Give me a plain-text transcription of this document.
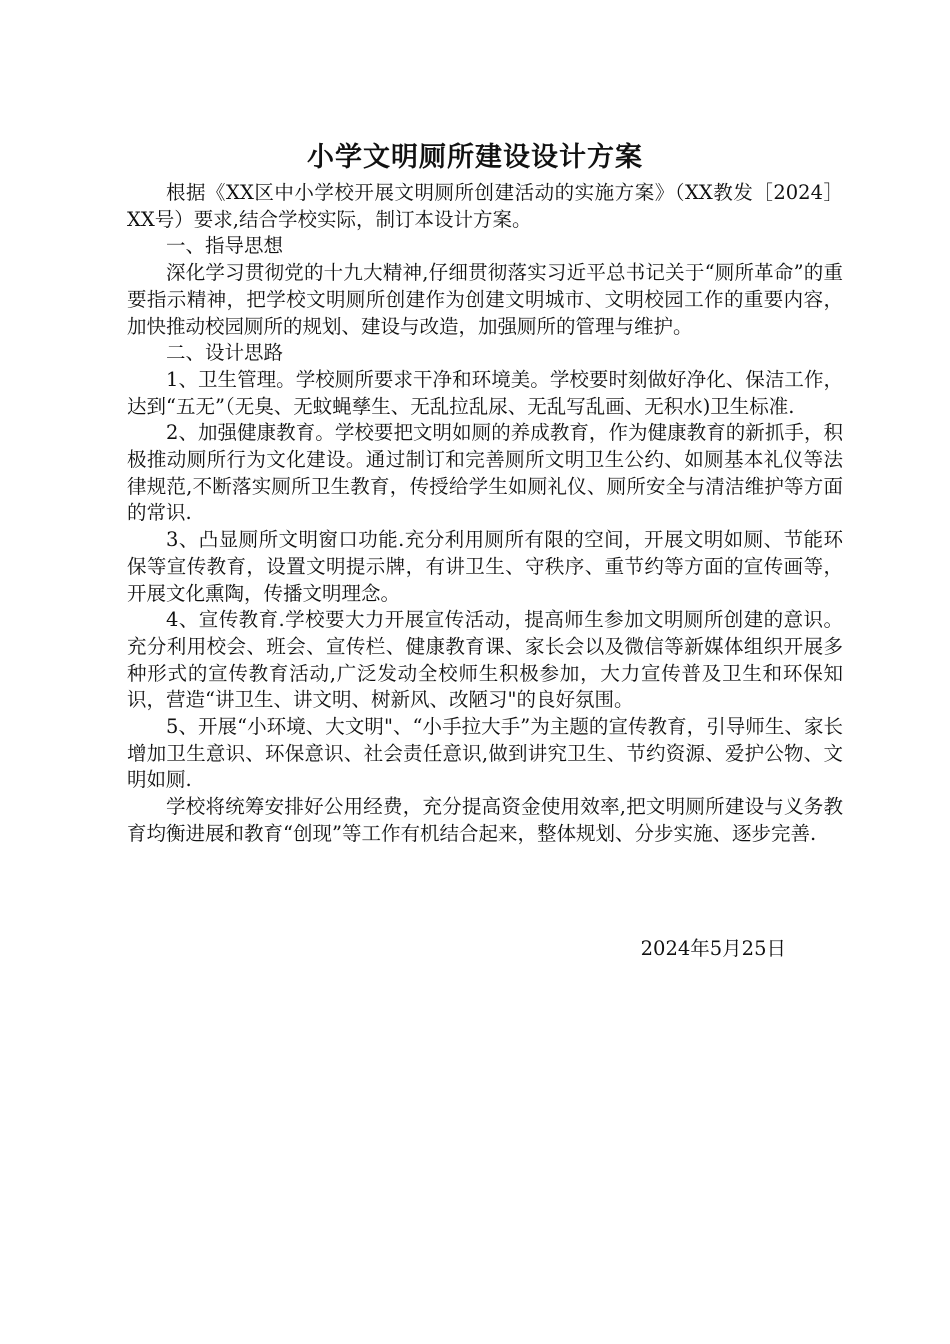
小学文明厕所建设设计方案

根据《XX区中小学校开展文明厕所创建活动的实施方案》（XX教发［2024］XX号）要求,结合学校实际，制订本设计方案。

一、指导思想

深化学习贯彻党的十九大精神,仔细贯彻落实习近平总书记关于“厕所革命”的重要指示精神，把学校文明厕所创建作为创建文明城市、文明校园工作的重要内容，加快推动校园厕所的规划、建设与改造，加强厕所的管理与维护。

二、设计思路

1、卫生管理。学校厕所要求干净和环境美。学校要时刻做好净化、保洁工作，达到“五无”（无臭、无蚊蝇孳生、无乱拉乱尿、无乱写乱画、无积水)卫生标准.

2、加强健康教育。学校要把文明如厕的养成教育，作为健康教育的新抓手，积极推动厕所行为文化建设。通过制订和完善厕所文明卫生公约、如厕基本礼仪等法律规范,不断落实厕所卫生教育，传授给学生如厕礼仪、厕所安全与清洁维护等方面的常识.

3、凸显厕所文明窗口功能.充分利用厕所有限的空间，开展文明如厕、节能环保等宣传教育，设置文明提示牌，有讲卫生、守秩序、重节约等方面的宣传画等，开展文化熏陶，传播文明理念。

4、宣传教育.学校要大力开展宣传活动，提高师生参加文明厕所创建的意识。充分利用校会、班会、宣传栏、健康教育课、家长会以及微信等新媒体组织开展多种形式的宣传教育活动,广泛发动全校师生积极参加，大力宣传普及卫生和环保知识，营造“讲卫生、讲文明、树新风、改陋习"的良好氛围。

5、开展“小环境、大文明"、“小手拉大手”为主题的宣传教育，引导师生、家长增加卫生意识、环保意识、社会责任意识,做到讲究卫生、节约资源、爱护公物、文明如厕.

学校将统筹安排好公用经费，充分提高资金使用效率,把文明厕所建设与义务教育均衡进展和教育“创现”等工作有机结合起来，整体规划、分步实施、逐步完善.

2024年5月25日
